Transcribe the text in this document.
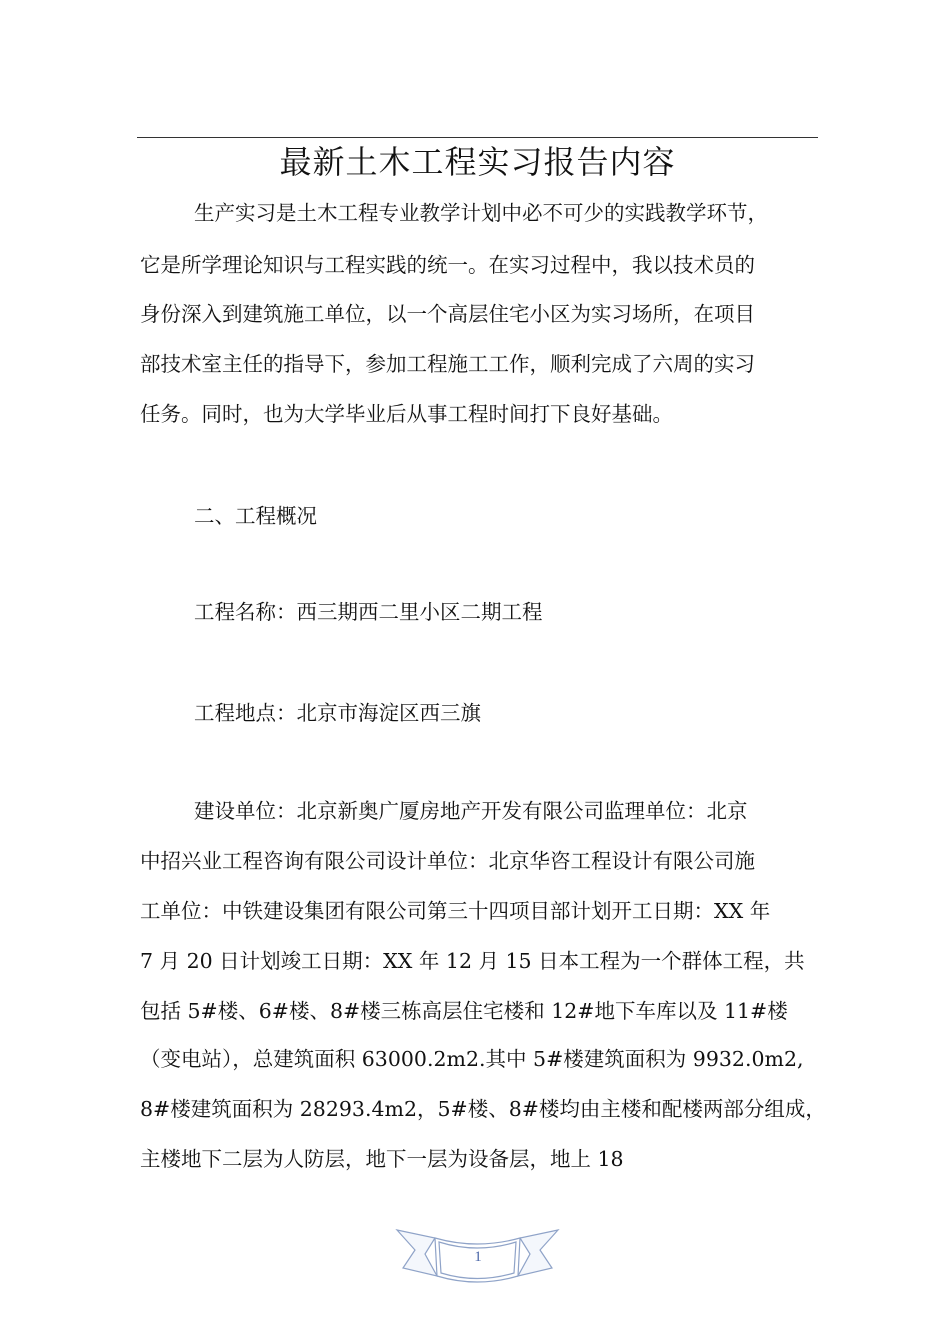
最新土木工程实习报告内容
生产实习是土木工程专业教学计划中必不可少的实践教学环节，
它是所学理论知识与工程实践的统一。在实习过程中，我以技术员的
身份深入到建筑施工单位，以一个高层住宅小区为实习场所，在项目
部技术室主任的指导下，参加工程施工工作，顺利完成了六周的实习
任务。同时，也为大学毕业后从事工程时间打下良好基础。
二、工程概况
工程名称：西三期西二里小区二期工程
工程地点：北京市海淀区西三旗
建设单位：北京新奥广厦房地产开发有限公司监理单位：北京
中招兴业工程咨询有限公司设计单位：北京华咨工程设计有限公司施
工单位：中铁建设集团有限公司第三十四项目部计划开工日期：XX 年
7 月 20 日计划竣工日期：XX 年 12 月 15 日本工程为一个群体工程，共
包括 5#楼、6#楼、8#楼三栋高层住宅楼和 12#地下车库以及 11#楼
（变电站），总建筑面积 63000.2m2.其中 5#楼建筑面积为 9932.0m2,
8#楼建筑面积为 28293.4m2，5#楼、8#楼均由主楼和配楼两部分组成，
主楼地下二层为人防层，地下一层为设备层，地上 18
1
